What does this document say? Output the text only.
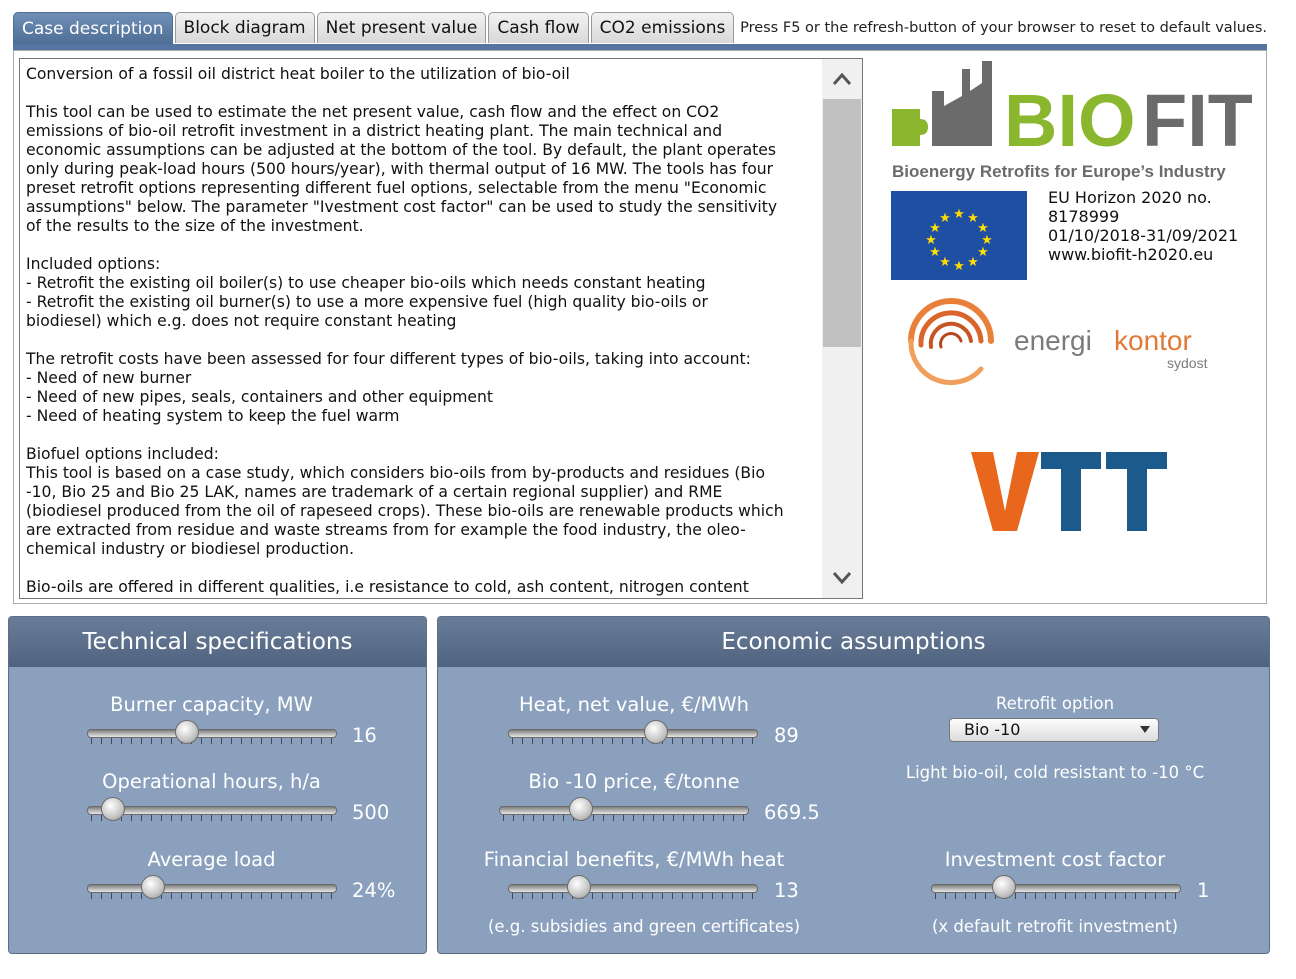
Case description	Block diagram	Net present value	Cash flow	CO2 emissions	Press F5 or the refresh-button of your browser to reset to default values.
Conversion of a fossil oil district heat boiler to the utilization of bio-oil

This tool can be used to estimate the net present value, cash flow and the effect on CO2
emissions of bio-oil retrofit investment in a district heating plant. The main technical and
economic assumptions can be adjusted at the bottom of the tool. By default, the plant operates
only during peak-load hours (500 hours/year), with thermal output of 16 MW. The tools has four
preset retrofit options representing different fuel options, selectable from the menu "Economic
assumptions" below. The parameter "Ivestment cost factor" can be used to study the sensitivity
of the results to the size of the investment.

Included options:
- Retrofit the existing oil boiler(s) to use cheaper bio-oils which needs constant heating
- Retrofit the existing oil burner(s) to use a more expensive fuel (high quality bio-oils or
biodiesel) which e.g. does not require constant heating

The retrofit costs have been assessed for four different types of bio-oils, taking into account:
- Need of new burner
- Need of new pipes, seals, containers and other equipment
- Need of heating system to keep the fuel warm

Biofuel options included:
This tool is based on a case study, which considers bio-oils from by-products and residues (Bio
-10, Bio 25 and Bio 25 LAK, names are trademark of a certain regional supplier) and RME
(biodiesel produced from the oil of rapeseed crops). These bio-oils are renewable products which
are extracted from residue and waste streams from for example the food industry, the oleo-
chemical industry or biodiesel production.

Bio-oils are offered in different qualities, i.e resistance to cold, ash content, nitrogen content
BIO FIT
Bioenergy Retrofits for Europe’s Industry
★ ★
★
★
★
★
★
★
★
★
★
★
EU Horizon 2020 no.
8178999
01/10/2018-31/09/2021
www.biofit-h2020.eu
energi kontor
sydost
Technical specifications
Burner capacity, MW
16
Operational hours, h/a
500
Average load
24%
Economic assumptions
Heat, net value, €/MWh
89
Bio -10 price, €/tonne
669.5
Financial benefits, €/MWh heat
13
(e.g. subsidies and green certificates)
Retrofit option
Bio -10
Light bio-oil, cold resistant to -10 °C
Investment cost factor
1
(x default retrofit investment)
